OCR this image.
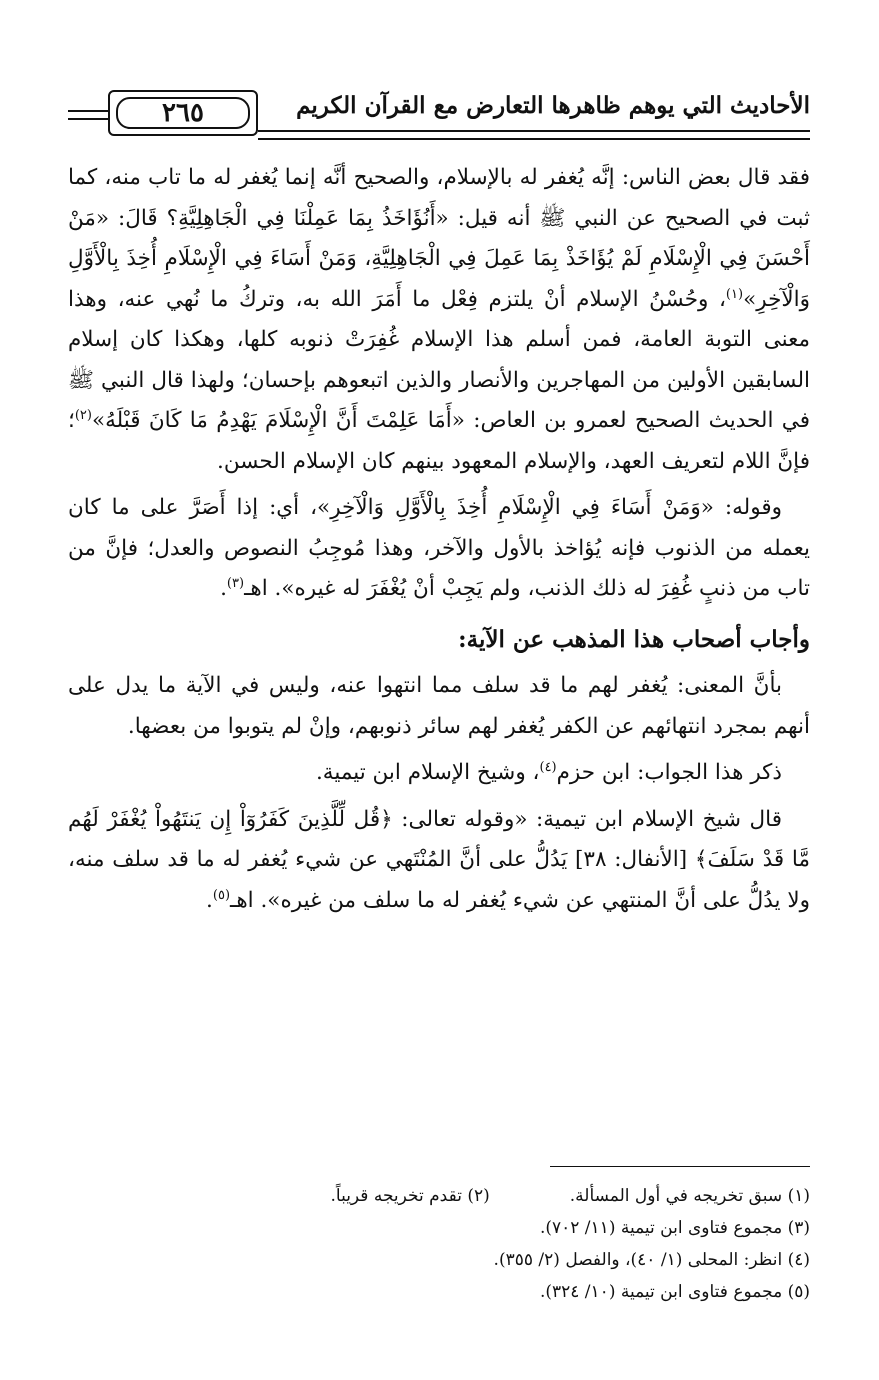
٢٦٥	الأحاديث التي يوهم ظاهرها التعارض مع القرآن الكريم

فقد قال بعض الناس: إنَّه يُغفر له بالإسلام، والصحيح أنَّه إنما يُغفر له ما تاب منه، كما ثبت في الصحيح عن النبي ﷺ أنه قيل: «أَنُؤَاخَذُ بِمَا عَمِلْنَا فِي الْجَاهِلِيَّةِ؟ قَالَ: «مَنْ أَحْسَنَ فِي الْإِسْلَامِ لَمْ يُؤَاخَذْ بِمَا عَمِلَ فِي الْجَاهِلِيَّةِ، وَمَنْ أَسَاءَ فِي الْإِسْلَامِ أُخِذَ بِالْأَوَّلِ وَالْآخِرِ»$^{(١)}$، وحُسْنُ الإسلام أنْ يلتزم فِعْل ما أَمَرَ الله به، وتركُ ما نُهي عنه، وهذا معنى التوبة العامة، فمن أسلم هذا الإسلام غُفِرَتْ ذنوبه كلها، وهكذا كان إسلام السابقين الأولين من المهاجرين والأنصار والذين اتبعوهم بإحسان؛ ولهذا قال النبي ﷺ في الحديث الصحيح لعمرو بن العاص: «أَمَا عَلِمْتَ أَنَّ الْإِسْلَامَ يَهْدِمُ مَا كَانَ قَبْلَهُ»$^{(٢)}$؛ فإنَّ اللام لتعريف العهد، والإسلام المعهود بينهم كان الإسلام الحسن.

وقوله: «وَمَنْ أَسَاءَ فِي الْإِسْلَامِ أُخِذَ بِالْأَوَّلِ وَالْآخِرِ»، أي: إذا أَصَرَّ على ما كان يعمله من الذنوب فإنه يُؤاخذ بالأول والآخر، وهذا مُوجِبُ النصوص والعدل؛ فإنَّ من تاب من ذنبٍ غُفِرَ له ذلك الذنب، ولم يَجِبْ أنْ يُغْفَرَ له غيره». اهـ$^{(٣)}$.

وأجاب أصحاب هذا المذهب عن الآية:

بأنَّ المعنى: يُغفر لهم ما قد سلف مما انتهوا عنه، وليس في الآية ما يدل على أنهم بمجرد انتهائهم عن الكفر يُغفر لهم سائر ذنوبهم، وإنْ لم يتوبوا من بعضها.

ذكر هذا الجواب: ابن حزم$^{(٤)}$، وشيخ الإسلام ابن تيمية.

قال شيخ الإسلام ابن تيمية: «وقوله تعالى: ﴿قُل لِّلَّذِينَ كَفَرُوٓاْ إِن يَنتَهُواْ يُغْفَرْ لَهُم مَّا قَدْ سَلَفَ﴾ [الأنفال: ٣٨] يَدُلُّ على أنَّ المُنْتَهي عن شيء يُغفر له ما قد سلف منه، ولا يدُلُّ على أنَّ المنتهي عن شيء يُغفر له ما سلف من غيره». اهـ$^{(٥)}$.

(١) سبق تخريجه في أول المسألة.(٢) تقدم تخريجه قريباً.
(٣) مجموع فتاوى ابن تيمية (١١/ ٧٠٢).
(٤) انظر: المحلى (١/ ٤٠)، والفصل (٢/ ٣٥٥).
(٥) مجموع فتاوى ابن تيمية (١٠/ ٣٢٤).
